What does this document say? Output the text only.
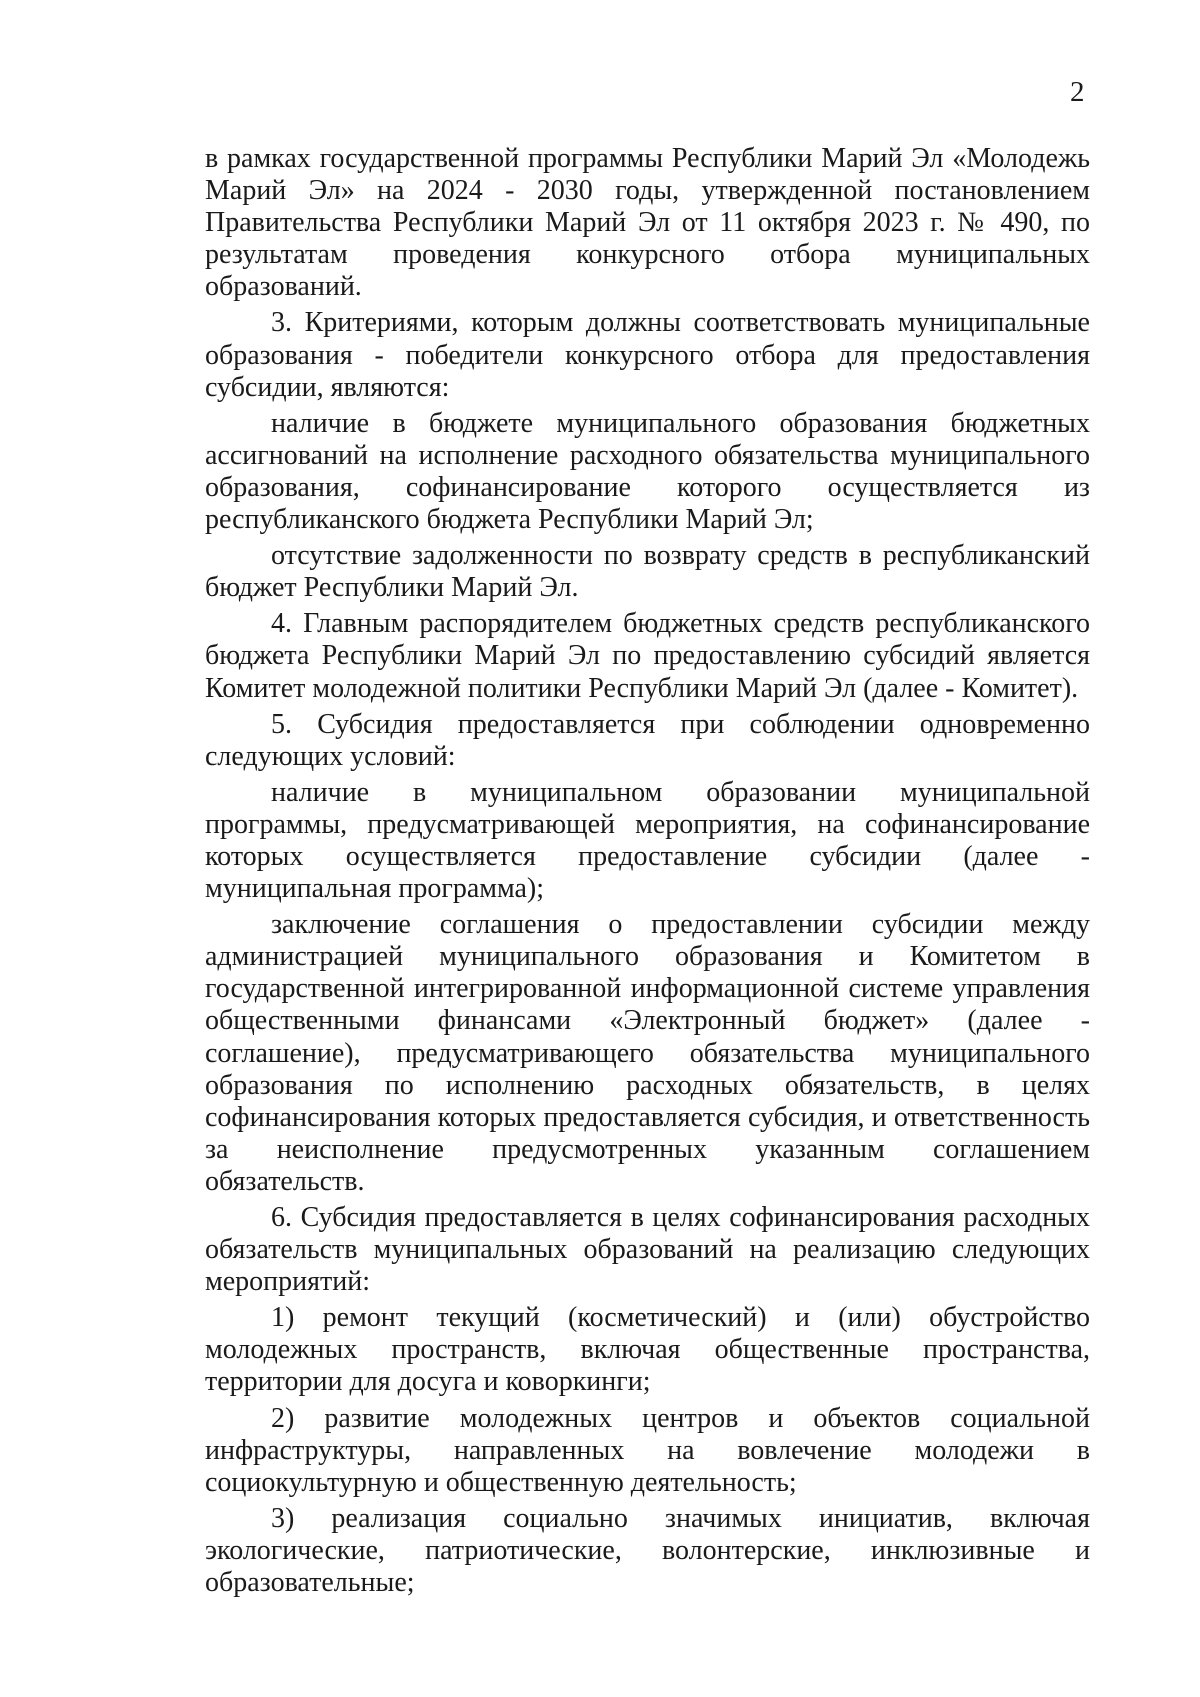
2

в рамках государственной программы Республики Марий Эл «Молодежь Марий Эл» на 2024 - 2030 годы, утвержденной постановлением Правительства Республики Марий Эл от 11 октября 2023 г. № 490, по результатам проведения конкурсного отбора муниципальных образований.

3. Критериями, которым должны соответствовать муниципальные образования - победители конкурсного отбора для предоставления субсидии, являются:

наличие в бюджете муниципального образования бюджетных ассигнований на исполнение расходного обязательства муниципального образования, софинансирование которого осуществляется из республиканского бюджета Республики Марий Эл;

отсутствие задолженности по возврату средств в республиканский бюджет Республики Марий Эл.

4. Главным распорядителем бюджетных средств республиканского бюджета Республики Марий Эл по предоставлению субсидий является Комитет молодежной политики Республики Марий Эл (далее - Комитет).

5. Субсидия предоставляется при соблюдении одновременно следующих условий:

наличие в муниципальном образовании муниципальной программы, предусматривающей мероприятия, на софинансирование которых осуществляется предоставление субсидии (далее - муниципальная программа);

заключение соглашения о предоставлении субсидии между администрацией муниципального образования и Комитетом в государственной интегрированной информационной системе управления общественными финансами «Электронный бюджет» (далее - соглашение), предусматривающего обязательства муниципального образования по исполнению расходных обязательств, в целях софинансирования которых предоставляется субсидия, и ответственность за неисполнение предусмотренных указанным соглашением обязательств.

6. Субсидия предоставляется в целях софинансирования расходных обязательств муниципальных образований на реализацию следующих мероприятий:

1) ремонт текущий (косметический) и (или) обустройство молодежных пространств, включая общественные пространства, территории для досуга и коворкинги;

2) развитие молодежных центров и объектов социальной инфраструктуры, направленных на вовлечение молодежи в социокультурную и общественную деятельность;

3) реализация социально значимых инициатив, включая экологические, патриотические, волонтерские, инклюзивные и образовательные;
